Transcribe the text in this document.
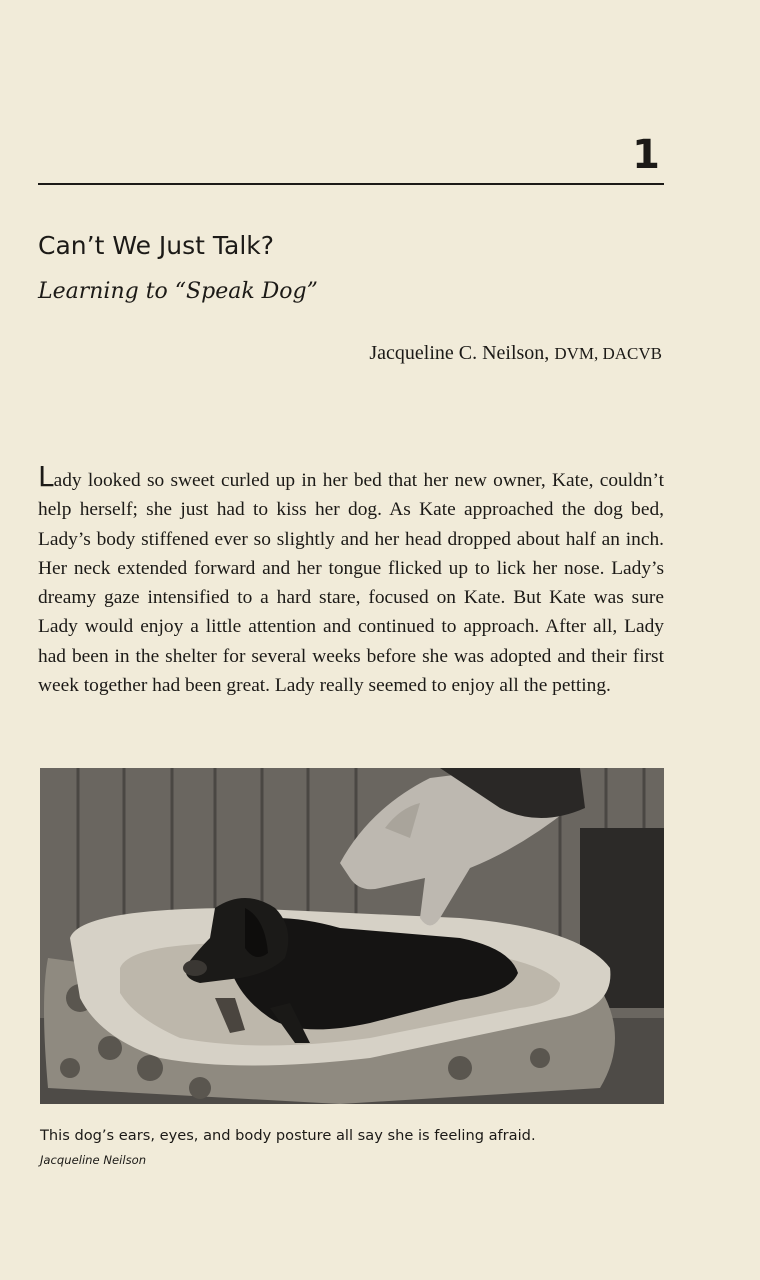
1
Can’t We Just Talk?
Learning to “Speak Dog”
Jacqueline C. Neilson, DVM, DACVB

Lady looked so sweet curled up in her bed that her new owner, Kate, couldn’t help herself; she just had to kiss her dog. As Kate approached the dog bed, Lady’s body stiffened ever so slightly and her head dropped about half an inch. Her neck extended forward and her tongue flicked up to lick her nose. Lady’s dreamy gaze intensified to a hard stare, focused on Kate. But Kate was sure Lady would enjoy a little attention and continued to approach. After all, Lady had been in the shelter for several weeks before she was adopted and their first week together had been great. Lady really seemed to enjoy all the petting.

This dog’s ears, eyes, and body posture all say she is feeling afraid.
Jacqueline Neilson
